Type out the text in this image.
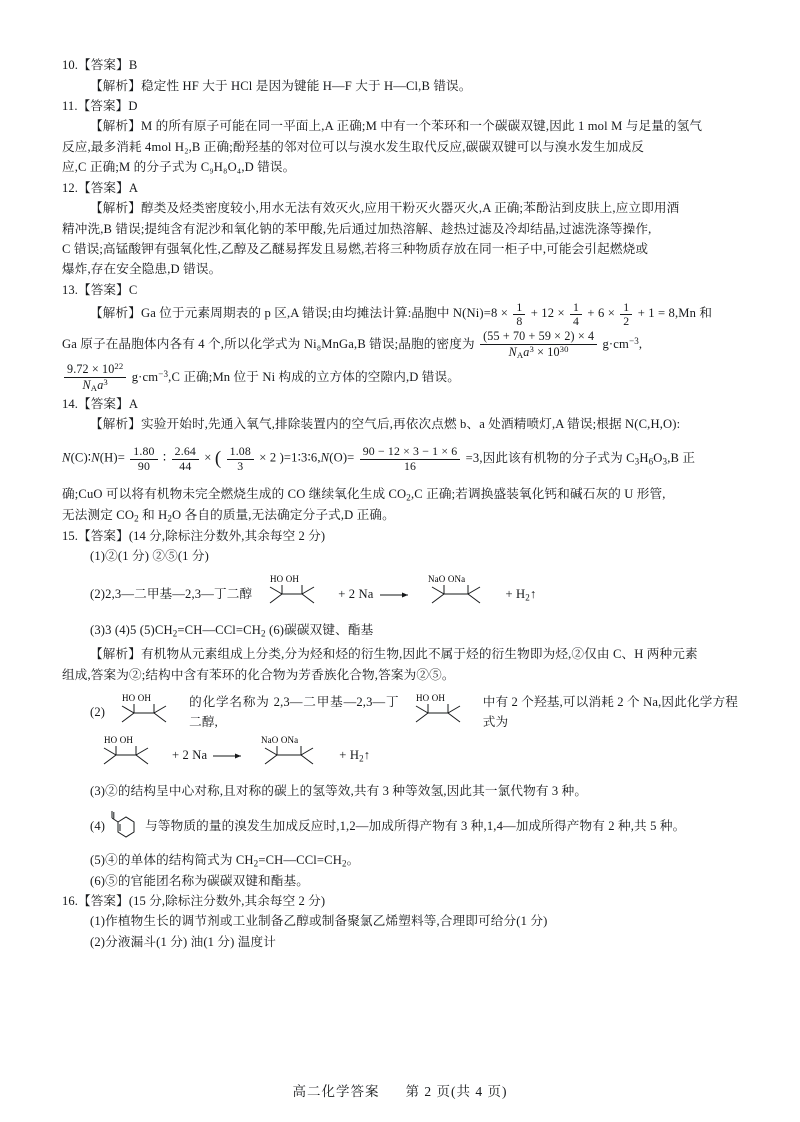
10.【答案】B
【解析】稳定性 HF 大于 HCl 是因为键能 H—F 大于 H—Cl,B 错误。
11.【答案】D
【解析】M 的所有原子可能在同一平面上,A 正确;M 中有一个苯环和一个碳碳双键,因此 1 mol M 与足量的氢气
反应,最多消耗 4mol H₂,B 正确;酚羟基的邻对位可以与溴水发生取代反应,碳碳双键可以与溴水发生加成反
应,C 正确;M 的分子式为 C₉H₈O₄,D 错误。
12.【答案】A
【解析】醇类及烃类密度较小,用水无法有效灭火,应用干粉灭火器灭火,A 正确;苯酚沾到皮肤上,应立即用酒
精冲洗,B 错误;提纯含有泥沙和氧化钠的苯甲酸,先后通过加热溶解、趁热过滤及冷却结晶,过滤洗涤等操作,
C 错误;高锰酸钾有强氧化性,乙醇及乙醚易挥发且易燃,若将三种物质存放在同一柜子中,可能会引起燃烧或
爆炸,存在安全隐患,D 错误。
13.【答案】C
【解析】Ga 位于元素周期表的 p 区,A 错误;由均摊法计算:晶胞中 $N(Ni)=8 \times \frac{1}{8} + 12 \times \frac{1}{4} + 6 \times \frac{1}{2} + 1 = 8,Mn$ 和
Ga 原子在晶胞体内各有 4 个,所以化学式为 Ni₈MnGa,B 错误;晶胞的密度为 $\frac{(55 + 70 + 59 \times 2) \times 4}{N_Aa^3 \times 10^{30}} g\cdot cm^{-3}$,
$\frac{9.72 \times 10^{22}}{N_Aa^3} g\cdot cm^{-3},C$ 正确;Mn 位于 Ni 构成的立方体的空隙内,D 错误。
14.【答案】A
【解析】实验开始时,先通入氧气,排除装置内的空气后,再依次点燃 b、a 处酒精喷灯,A 错误;根据 N(C,H,O):
N(C)∶N(H)= $\frac{1.80}{90}$ ∶ $\frac{2.64}{44}$ × ( $\frac{1.08}{3} \times 2$ )=1∶3∶6,N(O)= $\frac{90 - 12 \times 3 - 1 \times 6}{16} =3$,因此该有机物的分子式为 $C_3H_6O_3,B$ 正
确;CuO 可以将有机物未完全燃烧生成的 CO 继续氧化生成 $CO_2,C$ 正确;若调换盛装氧化钙和碱石灰的 U 形管,
无法测定 $CO_2$ 和 $H_2O$ 各自的质量,无法确定分子式,D 正确。
15.【答案】(14 分,除标注分数外,其余每空 2 分)
(1)②(1 分) ②⑤(1 分)
(2)2,3—二甲基—2,3—丁二醇
HO OH
+ 2 Na →
NaO ONa
+ $H_2↑$
(3)3 (4)5 $(5)CH_2=CH—CCl=CH_2$ (6)碳碳双键、酯基
【解析】有机物从元素组成上分类,分为烃和烃的衍生物,因此不属于烃的衍生物即为烃,②仅由 C、H 两种元素
组成,答案为②;结构中含有苯环的化合物为芳香族化合物,答案为②⑤。
(2)
HO OH	的化学名称为 2,3—二甲基—2,3—丁二醇,
HO OH	中有 2 个羟基,可以消耗 2 个 Na,因此化学方程式为
HO OH
+ 2 Na →
NaO ONa
+ $H_2↑$
(3)②的结构呈中心对称,且对称的碳上的氢等效,共有 3 种等效氢,因此其一氯代物有 3 种。
(4)	与等物质的量的溴发生加成反应时,1,2—加成所得产物有 3 种,1,4—加成所得产物有 2 种,共 5 种。
(5)④的单体的结构简式为 $CH_2=CH—CCl=CH_2$。
(6)⑤的官能团名称为碳碳双键和酯基。
16.【答案】(15 分,除标注分数外,其余每空 2 分)
(1)作植物生长的调节剂或工业制备乙醇或制备聚氯乙烯塑料等,合理即可给分(1 分)
(2)分液漏斗(1 分) 油(1 分) 温度计
高二化学答案 第 2 页(共 4 页)
